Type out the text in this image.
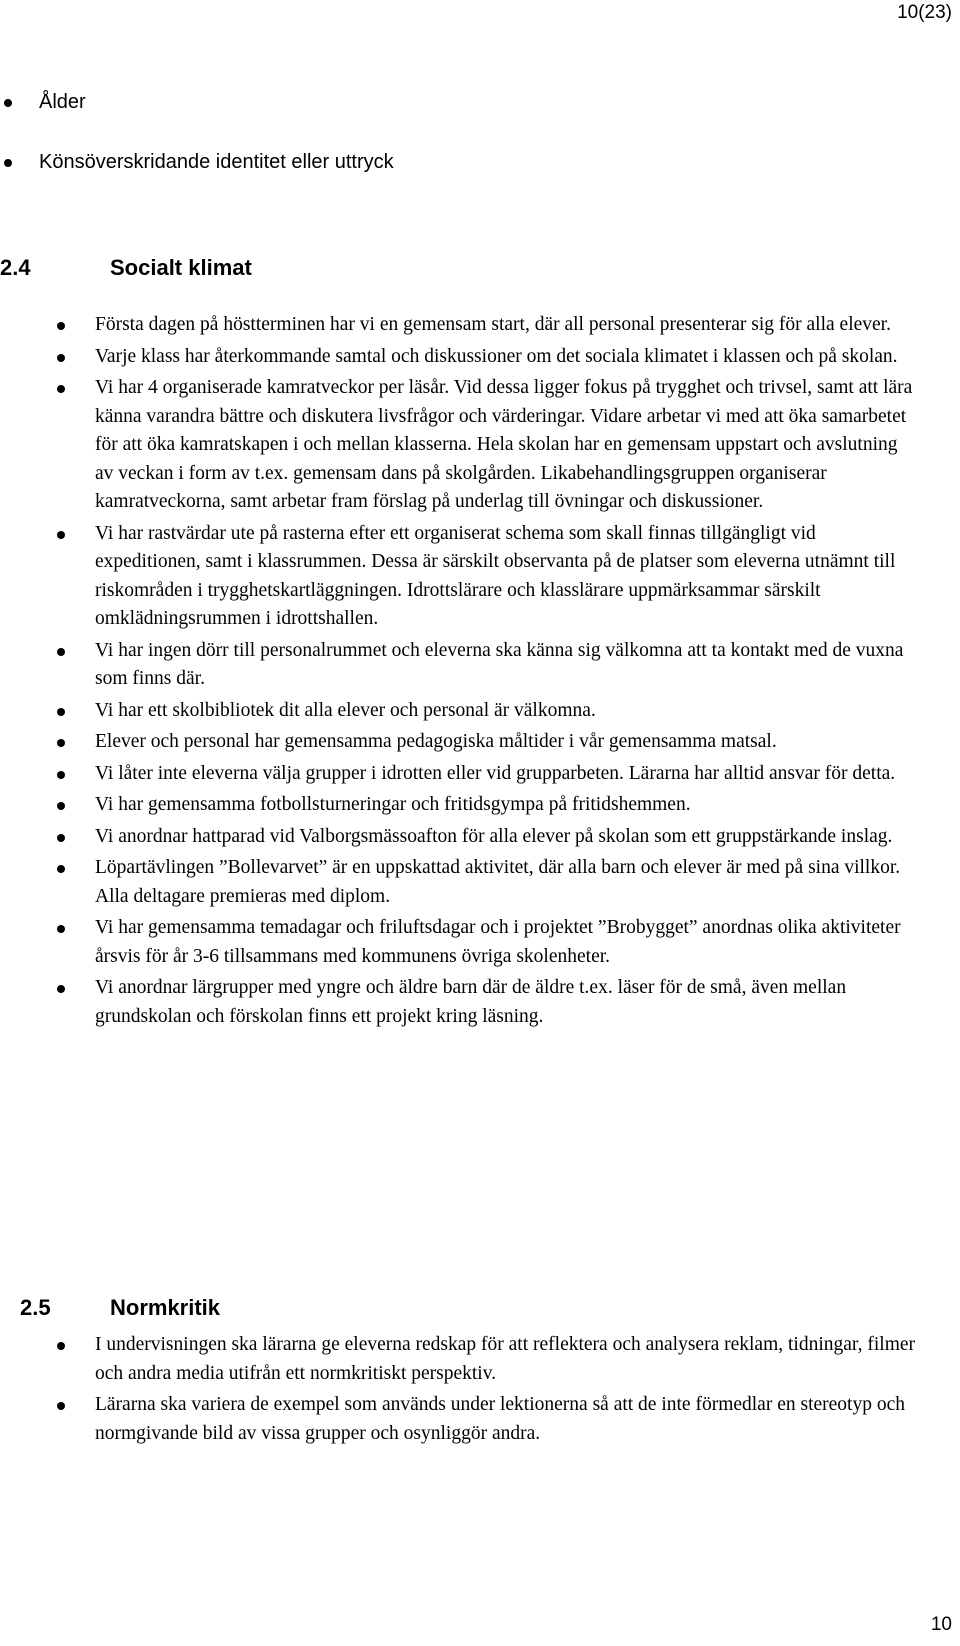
10(23)
Ålder
Könsöverskridande identitet eller uttryck
2.4	Socialt klimat
Första dagen på höstterminen har vi en gemensam start, där all personal presenterar sig för alla elever.
Varje klass har återkommande samtal och diskussioner om det sociala klimatet i klassen och på skolan.
Vi har 4 organiserade kamratveckor per läsår. Vid dessa ligger fokus på trygghet och trivsel, samt att lära känna varandra bättre och diskutera livsfrågor och värderingar. Vidare arbetar vi med att öka samarbetet för att öka kamratskapen i och mellan klasserna. Hela skolan har en gemensam uppstart och avslutning av veckan i form av t.ex. gemensam dans på skolgården. Likabehandlingsgruppen organiserar kamratveckorna, samt arbetar fram förslag på underlag till övningar och diskussioner.
Vi har rastvärdar ute på rasterna efter ett organiserat schema som skall finnas tillgängligt vid expeditionen, samt i klassrummen. Dessa är särskilt observanta på de platser som eleverna utnämnt till riskområden i trygghetskartläggningen. Idrottslärare och klasslärare uppmärksammar särskilt omklädningsrummen i idrottshallen.
Vi har ingen dörr till personalrummet och eleverna ska känna sig välkomna att ta kontakt med de vuxna som finns där.
Vi har ett skolbibliotek dit alla elever och personal är välkomna.
Elever och personal har gemensamma pedagogiska måltider i vår gemensamma matsal.
Vi låter inte eleverna välja grupper i idrotten eller vid grupparbeten. Lärarna har alltid ansvar för detta.
Vi har gemensamma fotbollsturneringar och fritidsgympa på fritidshemmen.
Vi anordnar hattparad vid Valborgsmässoafton för alla elever på skolan som ett gruppstärkande inslag.
Löpartävlingen ”Bollevarvet” är en uppskattad aktivitet, där alla barn och elever är med på sina villkor. Alla deltagare premieras med diplom.
Vi har gemensamma temadagar och friluftsdagar och i projektet ”Brobygget” anordnas olika aktiviteter årsvis för år 3-6 tillsammans med kommunens övriga skolenheter.
Vi anordnar lärgrupper med yngre och äldre barn där de äldre t.ex. läser för de små, även mellan grundskolan och förskolan finns ett projekt kring läsning.
2.5	Normkritik
I undervisningen ska lärarna ge eleverna redskap för att reflektera och analysera reklam, tidningar, filmer och andra media utifrån ett normkritiskt perspektiv.
Lärarna ska variera de exempel som används under lektionerna så att de inte förmedlar en stereotyp och normgivande bild av vissa grupper och osynliggör andra.
10
